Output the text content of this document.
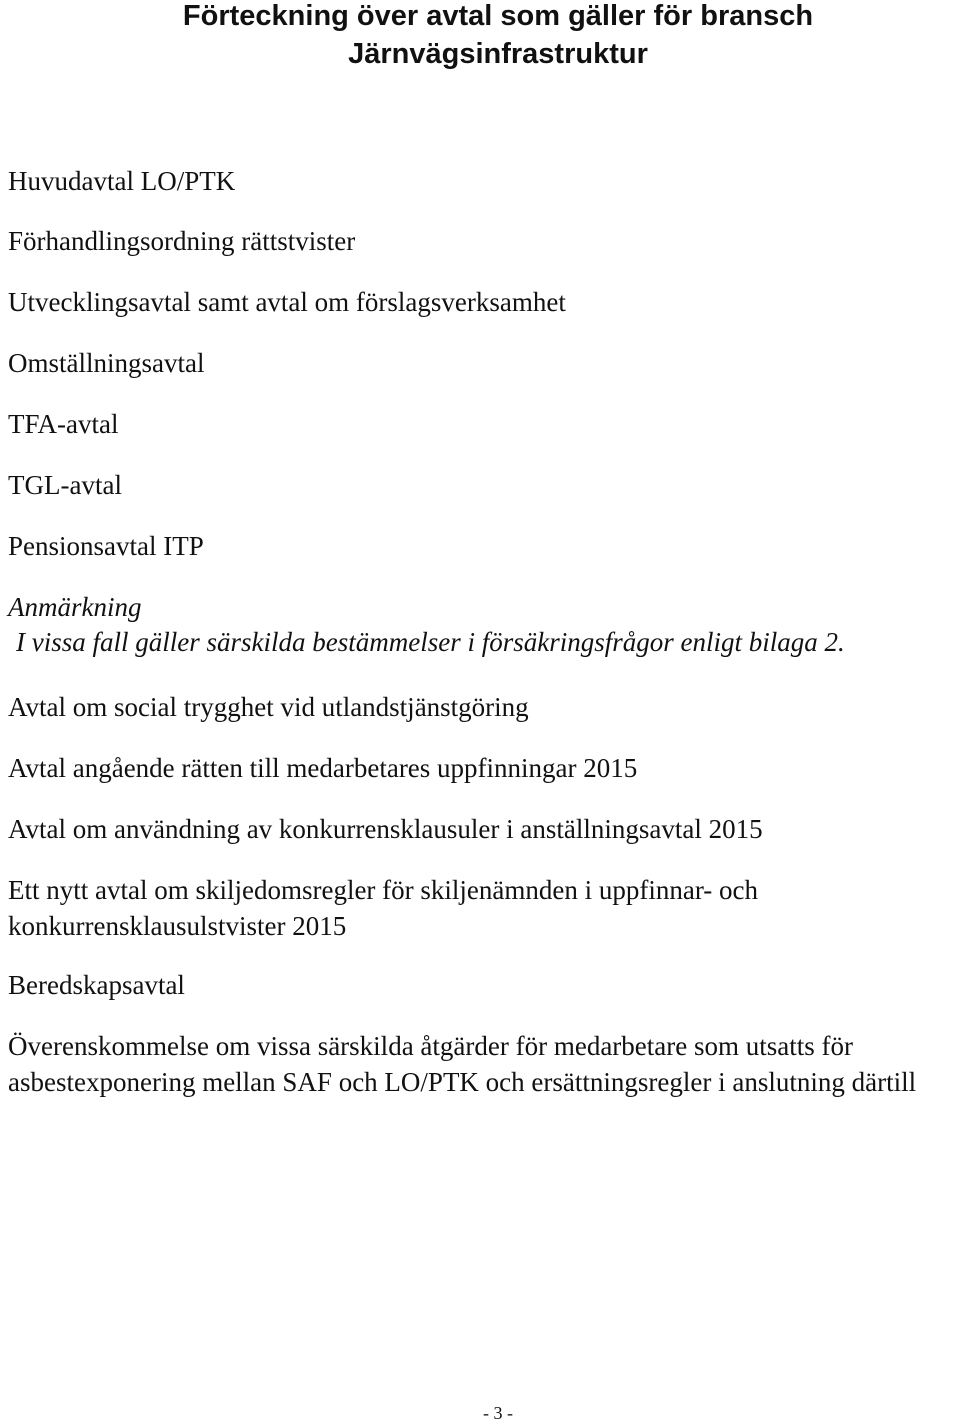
Förteckning över avtal som gäller för bransch
Järnvägsinfrastruktur

Huvudavtal LO/PTK

Förhandlingsordning rättstvister

Utvecklingsavtal samt avtal om förslagsverksamhet

Omställningsavtal

TFA-avtal

TGL-avtal

Pensionsavtal ITP

Anmärkning

I vissa fall gäller särskilda bestämmelser i försäkringsfrågor enligt bilaga 2.

Avtal om social trygghet vid utlandstjänstgöring

Avtal angående rätten till medarbetares uppfinningar 2015

Avtal om användning av konkurrensklausuler i anställningsavtal 2015

Ett nytt avtal om skiljedomsregler för skiljenämnden i uppfinnar- och konkurrensklausulstvister 2015

Beredskapsavtal

Överenskommelse om vissa särskilda åtgärder för medarbetare som utsatts för asbestexponering mellan SAF och LO/PTK och ersättningsregler i anslutning därtill

- 3 -
